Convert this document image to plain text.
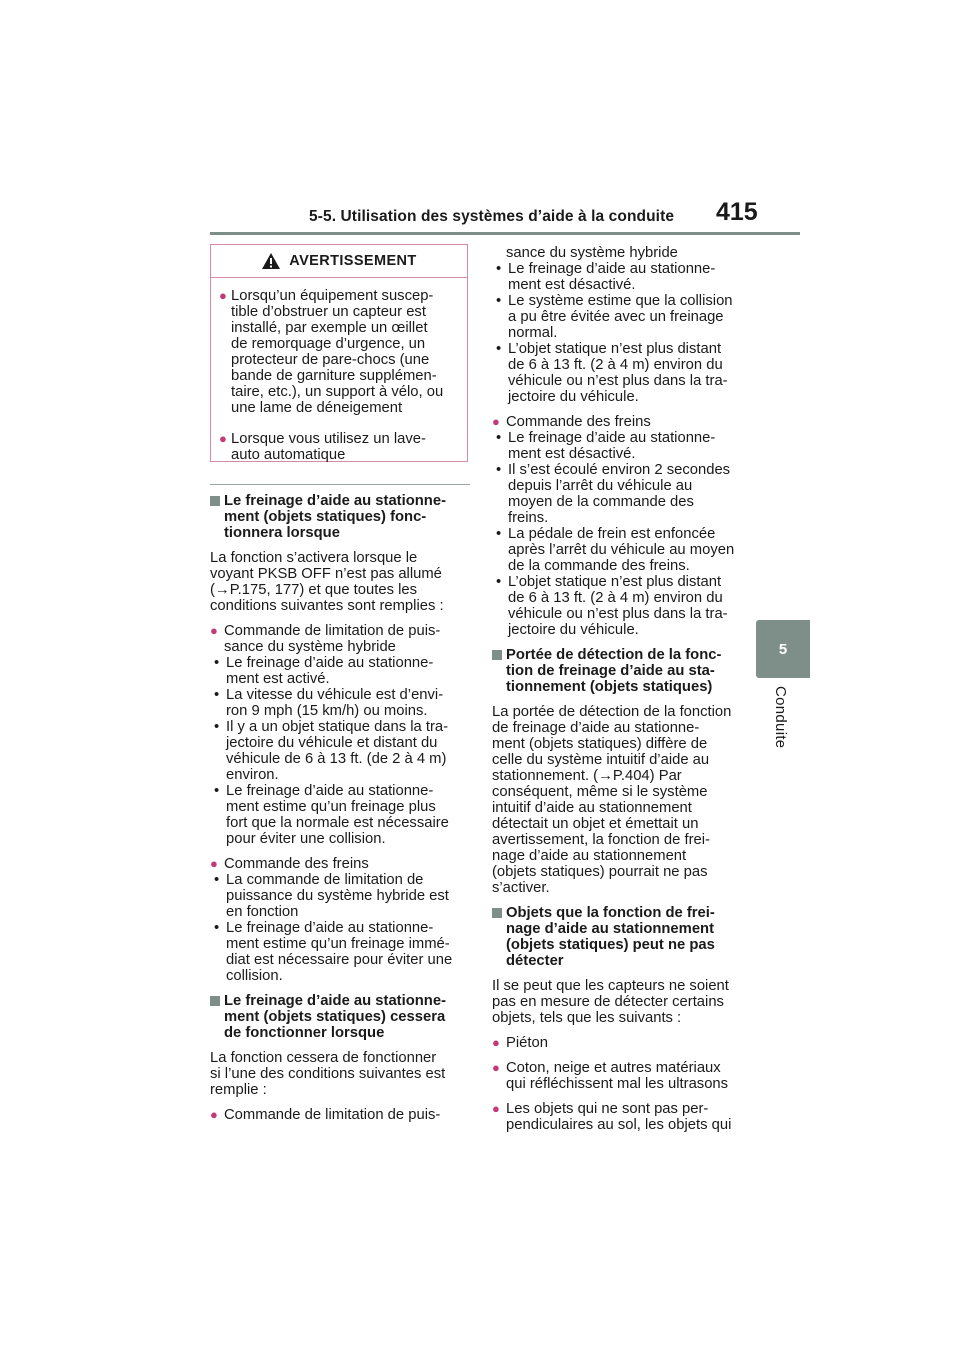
5-5. Utilisation des systèmes d’aide à la conduite 415
5
Conduite
AVERTISSEMENT
● Lorsqu’un équipement suscep-
tible d’obstruer un capteur est
installé, par exemple un œillet
de remorquage d’urgence, un
protecteur de pare-chocs (une
bande de garniture supplémen-
taire, etc.), un support à vélo, ou
une lame de déneigement
● Lorsque vous utilisez un lave-
auto automatique
Le freinage d’aide au stationne-
ment (objets statiques) fonc-
tionnera lorsque
La fonction s’activera lorsque le
voyant PKSB OFF n’est pas allumé
(→P.175, 177) et que toutes les
conditions suivantes sont remplies :
● Commande de limitation de puis-
sance du système hybride
• Le freinage d’aide au stationne-
ment est activé.
• La vitesse du véhicule est d’envi-
ron 9 mph (15 km/h) ou moins.
• Il y a un objet statique dans la tra-
jectoire du véhicule et distant du
véhicule de 6 à 13 ft. (de 2 à 4 m)
environ.
• Le freinage d’aide au stationne-
ment estime qu’un freinage plus
fort que la normale est nécessaire
pour éviter une collision.
● Commande des freins
• La commande de limitation de
puissance du système hybride est
en fonction
• Le freinage d’aide au stationne-
ment estime qu’un freinage immé-
diat est nécessaire pour éviter une
collision.
Le freinage d’aide au stationne-
ment (objets statiques) cessera
de fonctionner lorsque
La fonction cessera de fonctionner
si l’une des conditions suivantes est
remplie :
● Commande de limitation de puis-
sance du système hybride
• Le freinage d’aide au stationne-
ment est désactivé.
• Le système estime que la collision
a pu être évitée avec un freinage
normal.
• L’objet statique n’est plus distant
de 6 à 13 ft. (2 à 4 m) environ du
véhicule ou n’est plus dans la tra-
jectoire du véhicule.
● Commande des freins
• Le freinage d’aide au stationne-
ment est désactivé.
• Il s’est écoulé environ 2 secondes
depuis l’arrêt du véhicule au
moyen de la commande des
freins.
• La pédale de frein est enfoncée
après l’arrêt du véhicule au moyen
de la commande des freins.
• L’objet statique n’est plus distant
de 6 à 13 ft. (2 à 4 m) environ du
véhicule ou n’est plus dans la tra-
jectoire du véhicule.
Portée de détection de la fonc-
tion de freinage d’aide au sta-
tionnement (objets statiques)
La portée de détection de la fonction
de freinage d’aide au stationne-
ment (objets statiques) diffère de
celle du système intuitif d’aide au
stationnement. (→P.404) Par
conséquent, même si le système
intuitif d’aide au stationnement
détectait un objet et émettait un
avertissement, la fonction de frei-
nage d’aide au stationnement
(objets statiques) pourrait ne pas
s’activer.
Objets que la fonction de frei-
nage d’aide au stationnement
(objets statiques) peut ne pas
détecter
Il se peut que les capteurs ne soient
pas en mesure de détecter certains
objets, tels que les suivants :
● Piéton
● Coton, neige et autres matériaux
qui réfléchissent mal les ultrasons
● Les objets qui ne sont pas per-
pendiculaires au sol, les objets qui
